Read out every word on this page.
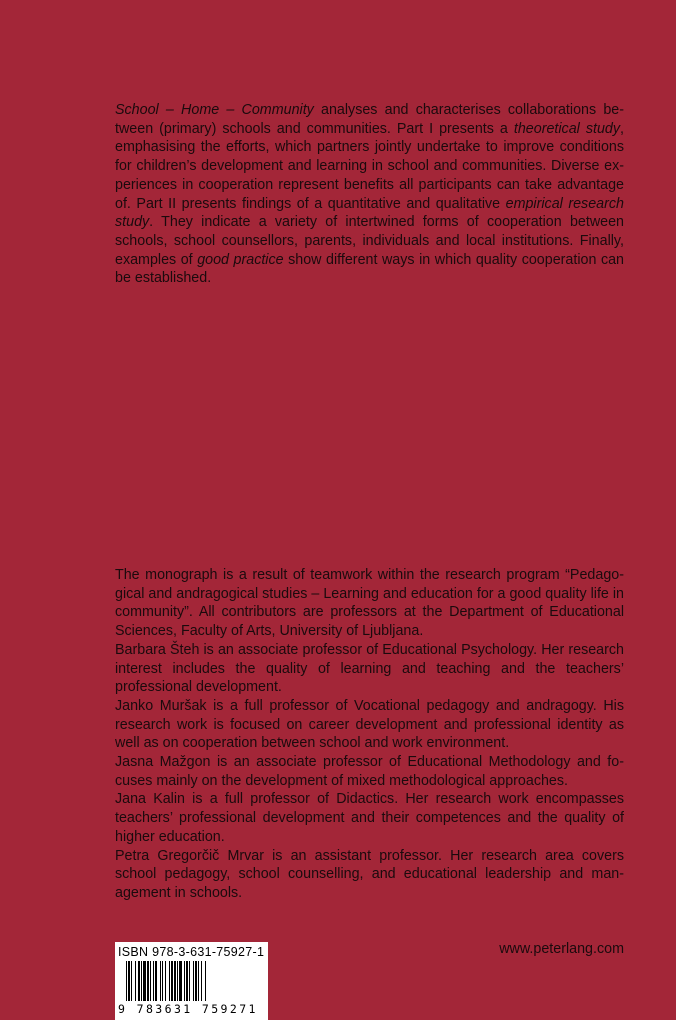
School – Home – Community analyses and characterises collaborations between (primary) schools and communities. Part I presents a theoretical study, emphasising the efforts, which partners jointly undertake to improve conditions for children’s development and learning in school and communities. Diverse experiences in cooperation represent benefits all participants can take advantage of. Part II presents findings of a quantitative and qualitative empirical research study. They indicate a variety of intertwined forms of cooperation between schools, school counsellors, parents, individuals and local institutions. Finally, examples of good practice show different ways in which quality cooperation can be established.

The monograph is a result of teamwork within the research program “Pedagogical and andragogical studies – Learning and education for a good quality life in community”. All contributors are professors at the Department of Educational Sciences, Faculty of Arts, University of Ljubljana.

Barbara Šteh is an associate professor of Educational Psychology. Her research interest includes the quality of learning and teaching and the teachers’ professional development.

Janko Muršak is a full professor of Vocational pedagogy and andragogy. His research work is focused on career development and professional identity as well as on cooperation between school and work environment.

Jasna Mažgon is an associate professor of Educational Methodology and focuses mainly on the development of mixed methodological approaches.

Jana Kalin is a full professor of Didactics. Her research work encompasses teachers’ professional development and their competences and the quality of higher education.

Petra Gregorčič Mrvar is an assistant professor. Her research area covers school pedagogy, school counselling, and educational leadership and management in schools.

ISBN 978-3-631-75927-1
9 783631 759271
www.peterlang.com
